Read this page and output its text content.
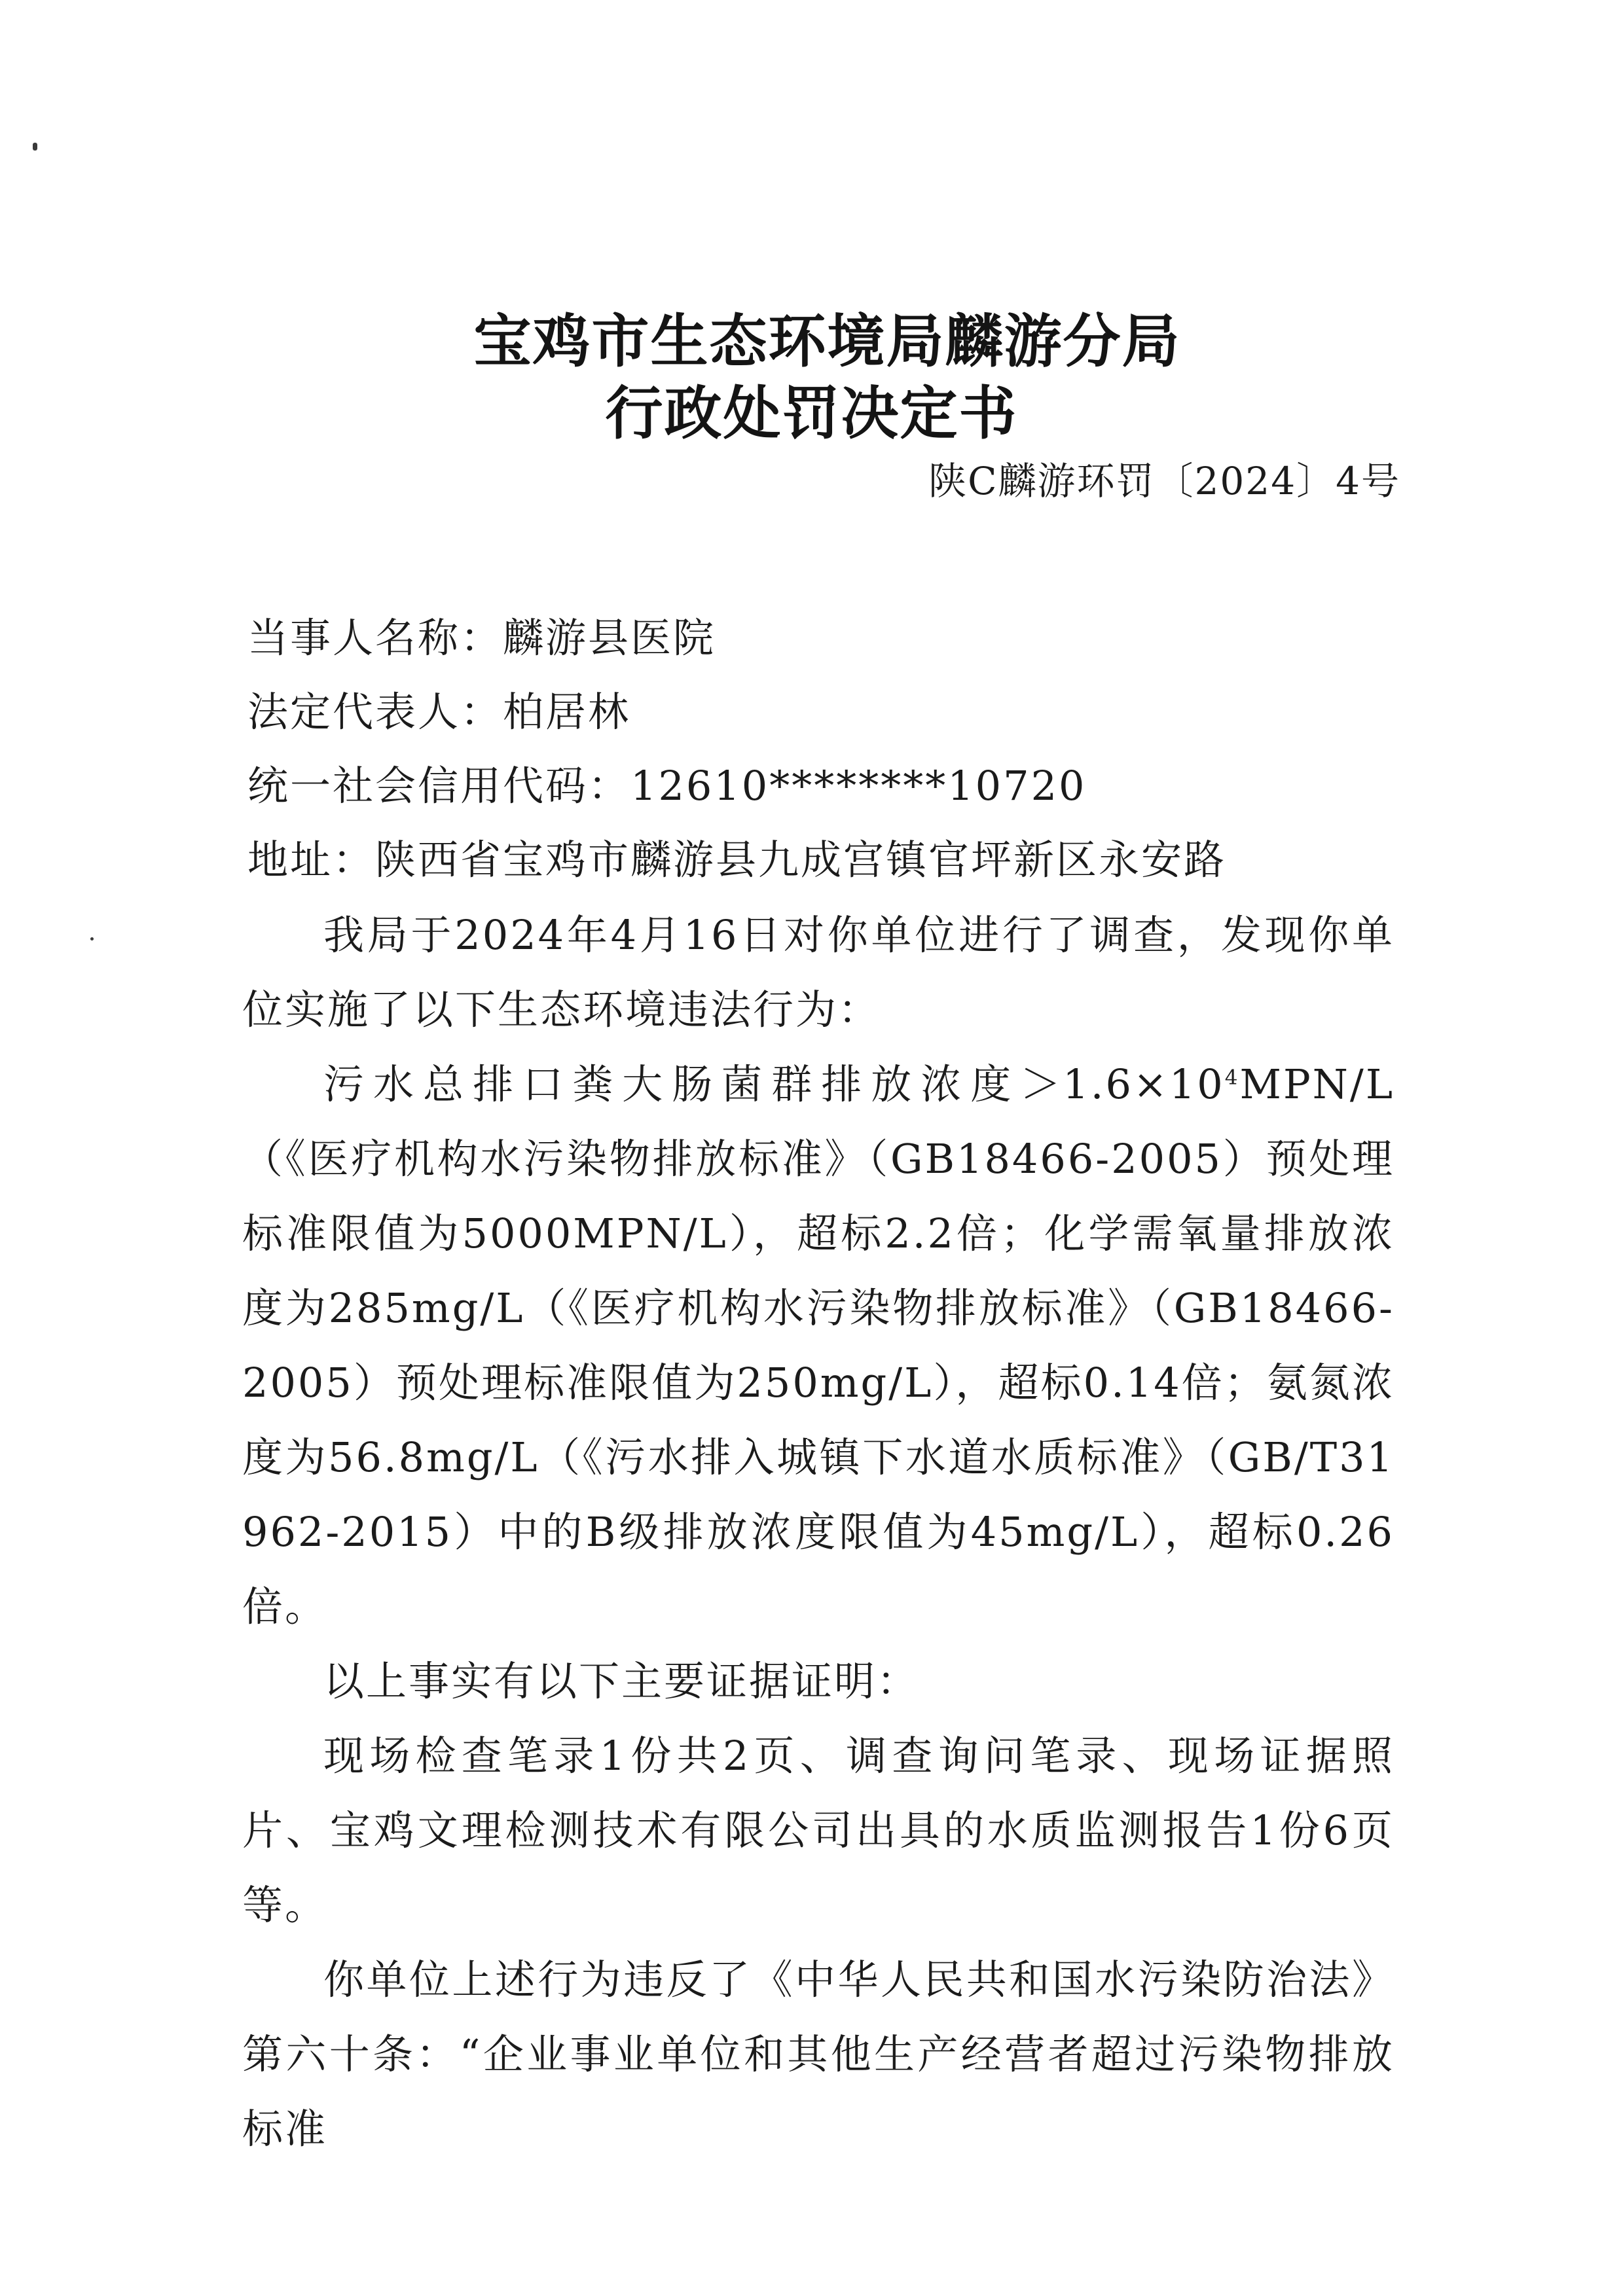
宝鸡市生态环境局麟游分局
行政处罚决定书
陕C麟游环罚〔2024〕4号
当事人名称：麟游县医院
法定代表人：柏居林
统一社会信用代码：12610********10720
地址：陕西省宝鸡市麟游县九成宫镇官坪新区永安路

我局于2024年4月16日对你单位进行了调查，发现你单位实施了以下生态环境违法行为：

污水总排口粪大肠菌群排放浓度$>1.6\times 10^4MPN/L$（《医疗机构水污染物排放标准》（GB18466-2005）预处理标准限值为5000MPN/L），超标2.2倍；化学需氧量排放浓度为285mg/L（《医疗机构水污染物排放标准》（GB18466-2005）预处理标准限值为250mg/L），超标0.14倍；氨氮浓度为56.8mg/L（《污水排入城镇下水道水质标准》（GB/T31962-2015）中的B级排放浓度限值为45mg/L），超标0.26倍。

以上事实有以下主要证据证明：

现场检查笔录1份共2页、调查询问笔录、现场证据照片、宝鸡文理检测技术有限公司出具的水质监测报告1份6页等。

你单位上述行为违反了《中华人民共和国水污染防治法》第六十条：“企业事业单位和其他生产经营者超过污染物排放标准
